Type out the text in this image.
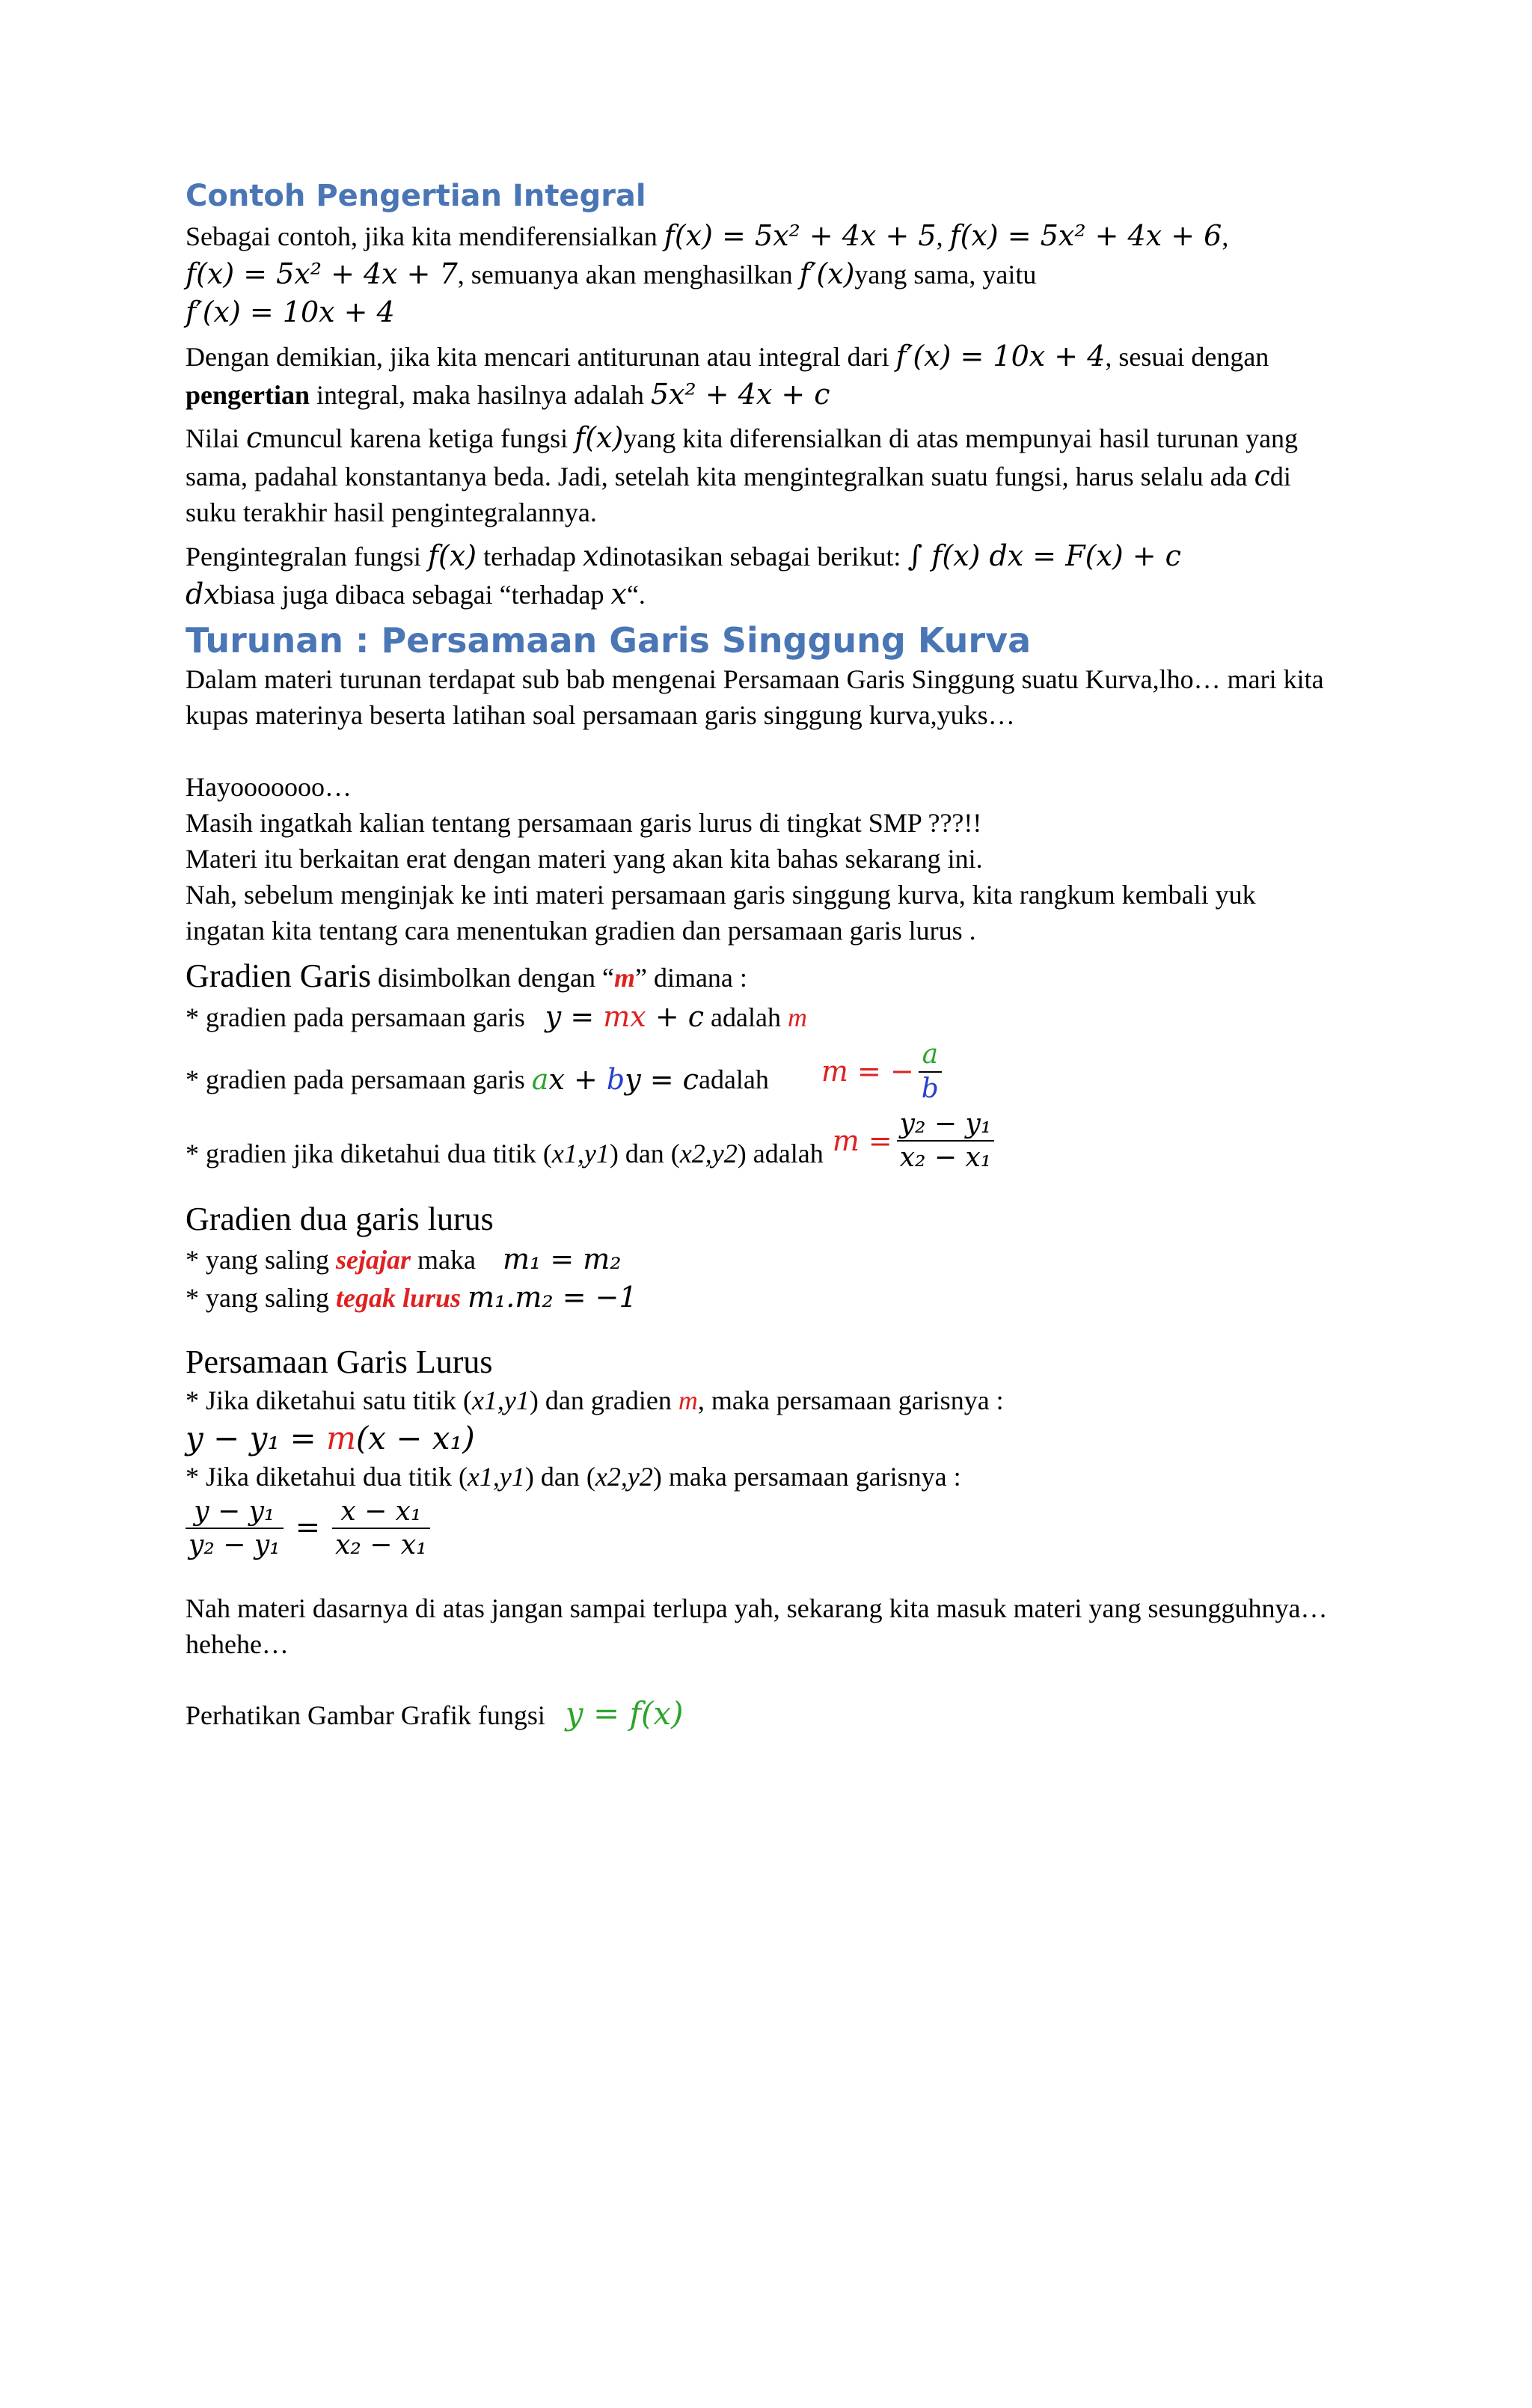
Contoh Pengertian Integral

Sebagai contoh, jika kita mendiferensialkan f(x) = 5x² + 4x + 5, f(x) = 5x² + 4x + 6,
f(x) = 5x² + 4x + 7, semuanya akan menghasilkan f′(x)yang sama, yaitu
f′(x) = 10x + 4

Dengan demikian, jika kita mencari antiturunan atau integral dari f′(x) = 10x + 4, sesuai dengan pengertian integral, maka hasilnya adalah 5x² + 4x + c

Nilai cmuncul karena ketiga fungsi f(x)yang kita diferensialkan di atas mempunyai hasil turunan yang sama, padahal konstantanya beda. Jadi, setelah kita mengintegralkan suatu fungsi, harus selalu ada cdi suku terakhir hasil pengintegralannya.

Pengintegralan fungsi f(x) terhadap xdinotasikan sebagai berikut: ∫ f(x) dx = F(x) + c
dxbiasa juga dibaca sebagai “terhadap x“.

Turunan : Persamaan Garis Singgung Kurva

Dalam materi turunan terdapat sub bab mengenai Persamaan Garis Singgung suatu Kurva,lho… mari kita kupas materinya beserta latihan soal persamaan garis singgung kurva,yuks…

Hayooooooo…

Masih ingatkah kalian tentang persamaan garis lurus di tingkat SMP ???!!

Materi itu berkaitan erat dengan materi yang akan kita bahas sekarang ini.

Nah, sebelum menginjak ke inti materi persamaan garis singgung kurva, kita rangkum kembali yuk ingatan kita tentang cara menentukan gradien dan persamaan garis lurus .

Gradien Garis disimbolkan dengan “m” dimana :

* gradien pada persamaan garis   y = mx + c adalah m

* gradien pada persamaan garis
ax + by = c adalah m = − $\frac{a}{b}$
* gradien jika diketahui dua titik (x1,y1) dan (x2,y2) adalah $m = \frac{\text{y₂ − y₁}}{\text{x₂ − x₁}}$

Gradien dua garis lurus

* yang saling sejajar maka    m₁ = m₂

* yang saling tegak lurus m₁.m₂ = −1

Persamaan Garis Lurus

* Jika diketahui satu titik (x1,y1) dan gradien m, maka persamaan garisnya :

y − y₁ = m(x − x₁)

* Jika diketahui dua titik (x1,y1) dan (x2,y2) maka persamaan garisnya :

$\frac{\text{y − y₁}}{\text{y₂ − y₁}} = \frac{\text{x − x₁}}{\text{x₂ − x₁}}$

Nah materi dasarnya di atas jangan sampai terlupa yah, sekarang kita masuk materi yang sesungguhnya…hehehe…

Perhatikan Gambar Grafik fungsi   y = f(x)
